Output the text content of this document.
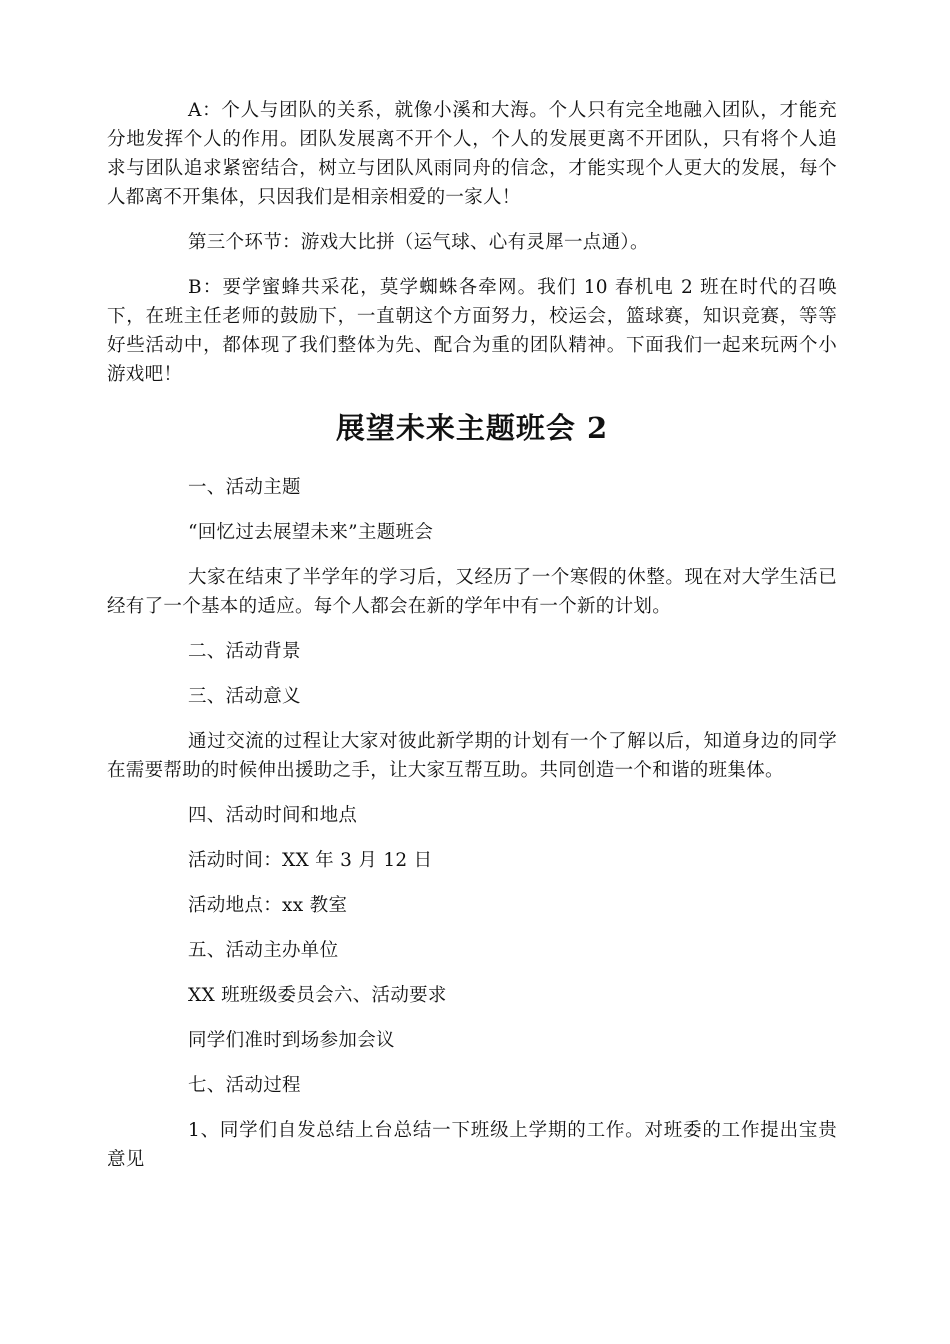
A：个人与团队的关系，就像小溪和大海。个人只有完全地融入团队，才能充分地发挥个人的作用。团队发展离不开个人，个人的发展更离不开团队，只有将个人追求与团队追求紧密结合，树立与团队风雨同舟的信念，才能实现个人更大的发展，每个人都离不开集体，只因我们是相亲相爱的一家人！

第三个环节：游戏大比拼（运气球、心有灵犀一点通）。

B：要学蜜蜂共采花，莫学蜘蛛各牵网。我们 10 春机电 2 班在时代的召唤下，在班主任老师的鼓励下，一直朝这个方面努力，校运会，篮球赛，知识竞赛，等等好些活动中，都体现了我们整体为先、配合为重的团队精神。下面我们一起来玩两个小游戏吧！

展望未来主题班会 2

一、活动主题

“回忆过去展望未来”主题班会

大家在结束了半学年的学习后，又经历了一个寒假的休整。现在对大学生活已经有了一个基本的适应。每个人都会在新的学年中有一个新的计划。

二、活动背景

三、活动意义

通过交流的过程让大家对彼此新学期的计划有一个了解以后，知道身边的同学在需要帮助的时候伸出援助之手，让大家互帮互助。共同创造一个和谐的班集体。

四、活动时间和地点

活动时间：XX 年 3 月 12 日

活动地点：xx 教室

五、活动主办单位

XX 班班级委员会六、活动要求

同学们准时到场参加会议

七、活动过程

1、同学们自发总结上台总结一下班级上学期的工作。对班委的工作提出宝贵意见
